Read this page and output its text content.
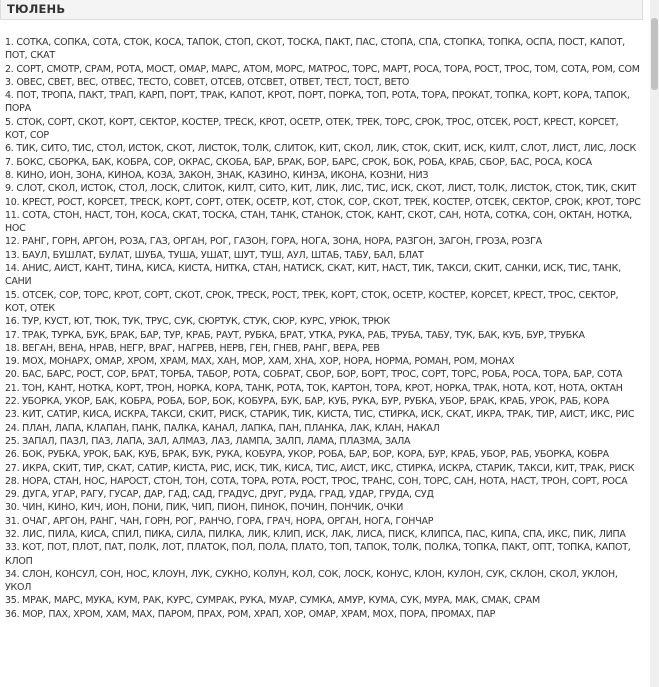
ТЮЛЕНЬ
1. СОТКА, СОПКА, СОТА, СТОК, КОСА, ТАПОК, СТОП, СКОТ, ТОСКА, ПАКТ, ПАС, СТОПА, СПА, СТОПКА, ТОПКА, ОСПА, ПОСТ, КАПОТ, ПОТ, СКАТ
2. СОРТ, СМОТР, СРАМ, РОТА, МОСТ, ОМАР, МАРС, АТОМ, МОРС, МАТРОС, ТОРС, МАРТ, РОСА, ТОРА, РОСТ, ТРОС, ТОМ, СОТА, РОМ, СОМ
3. ОВЕС, СВЕТ, ВЕС, ОТВЕС, ТЕСТО, СОВЕТ, ОТСЕВ, ОТСВЕТ, ОТВЕТ, ТЕСТ, ТОСТ, ВЕТО
4. ПОТ, ТРОПА, ПАКТ, ТРАП, КАРП, ПОРТ, ТРАК, КАПОТ, КРОТ, ПОРТ, ПОРКА, ТОП, РОТА, ТОРА, ПРОКАТ, ТОПКА, КОРТ, КОРА, ТАПОК, ПОРА
5. СТОК, СОРТ, СКОТ, КОРТ, СЕКТОР, КОСТЕР, ТРЕСК, КРОТ, ОСЕТР, ОТЕК, ТРЕК, ТОРС, СРОК, ТРОС, ОТСЕК, РОСТ, КРЕСТ, КОРСЕТ, КОТ, СОР
6. ТИК, СИТО, ТИС, СТОЛ, ИСТОК, СКОТ, ЛИСТОК, ТОЛК, СЛИТОК, КИТ, СКОЛ, ЛИК, СТОК, СКИТ, ИСК, КИЛТ, СЛОТ, ЛИСТ, ЛИС, ЛОСК
7. БОКС, СБОРКА, БАК, КОБРА, СОР, ОКРАС, СКОБА, БАР, БРАК, БОР, БАРС, СРОК, БОК, РОБА, КРАБ, СБОР, БАС, РОСА, КОСА
8. КИНО, ИОН, ЗОНА, КИНОА, КОЗА, ЗАКОН, ЗНАК, КАЗИНО, КИНЗА, ИКОНА, КОЗНИ, НИЗ
9. СЛОТ, СКОЛ, ИСТОК, СТОЛ, ЛОСК, СЛИТОК, КИЛТ, СИТО, КИТ, ЛИК, ЛИС, ТИС, ИСК, СКОТ, ЛИСТ, ТОЛК, ЛИСТОК, СТОК, ТИК, СКИТ
10. КРЕСТ, РОСТ, КОРСЕТ, ТРЕСК, КОРТ, СОРТ, ОТЕК, ОСЕТР, КОТ, СТОК, СОР, СКОТ, ТРЕК, КОСТЕР, ОТСЕК, СЕКТОР, СРОК, КРОТ, ТОРС
11. СОТА, СТОН, НАСТ, ТОН, КОСА, СКАТ, ТОСКА, СТАН, ТАНК, СТАНОК, СТОК, КАНТ, СКОТ, САН, НОТА, СОТКА, СОН, ОКТАН, НОТКА, НОС
12. РАНГ, ГОРН, АРГОН, РОЗА, ГАЗ, ОРГАН, РОГ, ГАЗОН, ГОРА, НОГА, ЗОНА, НОРА, РАЗГОН, ЗАГОН, ГРОЗА, РОЗГА
13. БАУЛ, БУШЛАТ, БУЛАТ, ШУБА, ТУША, УШАТ, ШУТ, ТУШ, АУЛ, ШТАБ, ТАБУ, БАЛ, БЛАТ
14. АНИС, АИСТ, КАНТ, ТИНА, КИСА, КИСТА, НИТКА, СТАН, НАТИСК, СКАТ, КИТ, НАСТ, ТИК, ТАКСИ, СКИТ, САНКИ, ИСК, ТИС, ТАНК, САНИ
15. ОТСЕК, СОР, ТОРС, КРОТ, СОРТ, СКОТ, СРОК, ТРЕСК, РОСТ, ТРЕК, КОРТ, СТОК, ОСЕТР, КОСТЕР, КОРСЕТ, КРЕСТ, ТРОС, СЕКТОР, КОТ, ОТЕК
16. ТУР, КУСТ, ЮТ, ТЮК, ТУК, ТРУС, СУК, СЮРТУК, СТУК, СЮР, КУРС, УРЮК, ТРЮК
17. ТРАК, ТУРКА, БУК, БРАК, БАР, ТУР, КРАБ, РАУТ, РУБКА, БРАТ, УТКА, РУКА, РАБ, ТРУБА, ТАБУ, ТУК, БАК, КУБ, БУР, ТРУБКА
18. ВЕГАН, ВЕНА, НРАВ, НЕГР, ВРАГ, НАГРЕВ, НЕРВ, ГЕН, ГНЕВ, РАНГ, ВЕРА, РЕВ
19. МОХ, МОНАРХ, ОМАР, ХРОМ, ХРАМ, МАХ, ХАН, МОР, ХАМ, ХНА, ХОР, НОРА, НОРМА, РОМАН, РОМ, МОНАХ
20. БАС, БАРС, РОСТ, СОР, БРАТ, ТОРБА, ТАБОР, РОТА, СОБРАТ, СБОР, БОР, БОРТ, ТРОС, СОРТ, ТОРС, РОБА, РОСА, ТОРА, БАР, СОТА
21. ТОН, КАНТ, НОТКА, КОРТ, ТРОН, НОРКА, КОРА, ТАНК, РОТА, ТОК, КАРТОН, ТОРА, КРОТ, НОРКА, ТРАК, НОТА, КОТ, НОТА, ОКТАН
22. УБОРКА, УКОР, БАК, КОБРА, РОБА, БОР, БОК, КОБУРА, БУК, БАР, КУБ, РУКА, БУР, РУБКА, УБОР, БРАК, КРАБ, УРОК, РАБ, КОРА
23. КИТ, САТИР, КИСА, ИСКРА, ТАКСИ, СКИТ, РИСК, СТАРИК, ТИК, КИСТА, ТИС, СТИРКА, ИСК, СКАТ, ИКРА, ТРАК, ТИР, АИСТ, ИКС, РИС
24. ПЛАН, ЛАПА, КЛАПАН, ПАНК, ПАЛКА, КАНАЛ, ЛАПКА, ПАН, ПЛАНКА, ЛАК, КЛАН, НАКАЛ
25. ЗАПАЛ, ПАЗЛ, ПАЗ, ЛАПА, ЗАЛ, АЛМАЗ, ЛАЗ, ЛАМПА, ЗАЛП, ЛАМА, ПЛАЗМА, ЗАЛА
26. БОК, РУБКА, УРОК, БАК, КУБ, БРАК, БУК, РУКА, КОБУРА, УКОР, РОБА, БАР, БОР, КОРА, БУР, КРАБ, УБОР, РАБ, УБОРКА, КОБРА
27. ИКРА, СКИТ, ТИР, СКАТ, САТИР, КИСТА, РИС, ИСК, ТИК, КИСА, ТИС, АИСТ, ИКС, СТИРКА, ИСКРА, СТАРИК, ТАКСИ, КИТ, ТРАК, РИСК
28. НОРА, СТАН, НОС, НАРОСТ, СТОН, ТОН, СОТА, ТОРА, РОТА, РОСТ, ТРОС, ТРАНС, СОН, ТОРС, САН, НОТА, НАСТ, ТРОН, СОРТ, РОСА
29. ДУГА, УГАР, РАГУ, ГУСАР, ДАР, ГАД, САД, ГРАДУС, ДРУГ, РУДА, ГРАД, УДАР, ГРУДА, СУД
30. ЧИН, КИНО, КИЧ, ИОН, ПОНИ, ПИК, ЧИП, ПИОН, ПИНОК, ПОЧИН, ПОНЧИК, ОЧКИ
31. ОЧАГ, АРГОН, РАНГ, ЧАН, ГОРН, РОГ, РАНЧО, ГОРА, ГРАЧ, НОРА, ОРГАН, НОГА, ГОНЧАР
32. ЛИС, ПИЛА, КИСА, СПИЛ, ПИКА, СИЛА, ПИЛКА, ЛИК, КЛИП, ИСК, ЛАК, ЛИСА, ПИСК, КЛИПСА, ПАС, КИПА, СПА, ИКС, ПИК, ЛИПА
33. КОТ, ПОТ, ПЛОТ, ПАТ, ПОЛК, ЛОТ, ПЛАТОК, ПОЛ, ПОЛА, ПЛАТО, ТОП, ТАПОК, ТОЛК, ПОЛКА, ТОПКА, ПАКТ, ОПТ, ТОПКА, КАПОТ, КЛОП
34. СЛОН, КОНСУЛ, СОН, НОС, КЛОУН, ЛУК, СУКНО, КОЛУН, КОЛ, СОК, ЛОСК, КОНУС, КЛОН, КУЛОН, СУК, СКЛОН, СКОЛ, УКЛОН, УКОЛ
35. МРАК, МАРС, МУКА, КУМ, РАК, КУРС, СУМРАК, РУКА, МУАР, СУМКА, АМУР, КУМА, СУК, МУРА, МАК, СМАК, СРАМ
36. МОР, ПАХ, ХРОМ, ХАМ, МАХ, ПАРОМ, ПРАХ, РОМ, ХРАП, ХОР, ОМАР, ХРАМ, МОХ, ПОРА, ПРОМАХ, ПАР
